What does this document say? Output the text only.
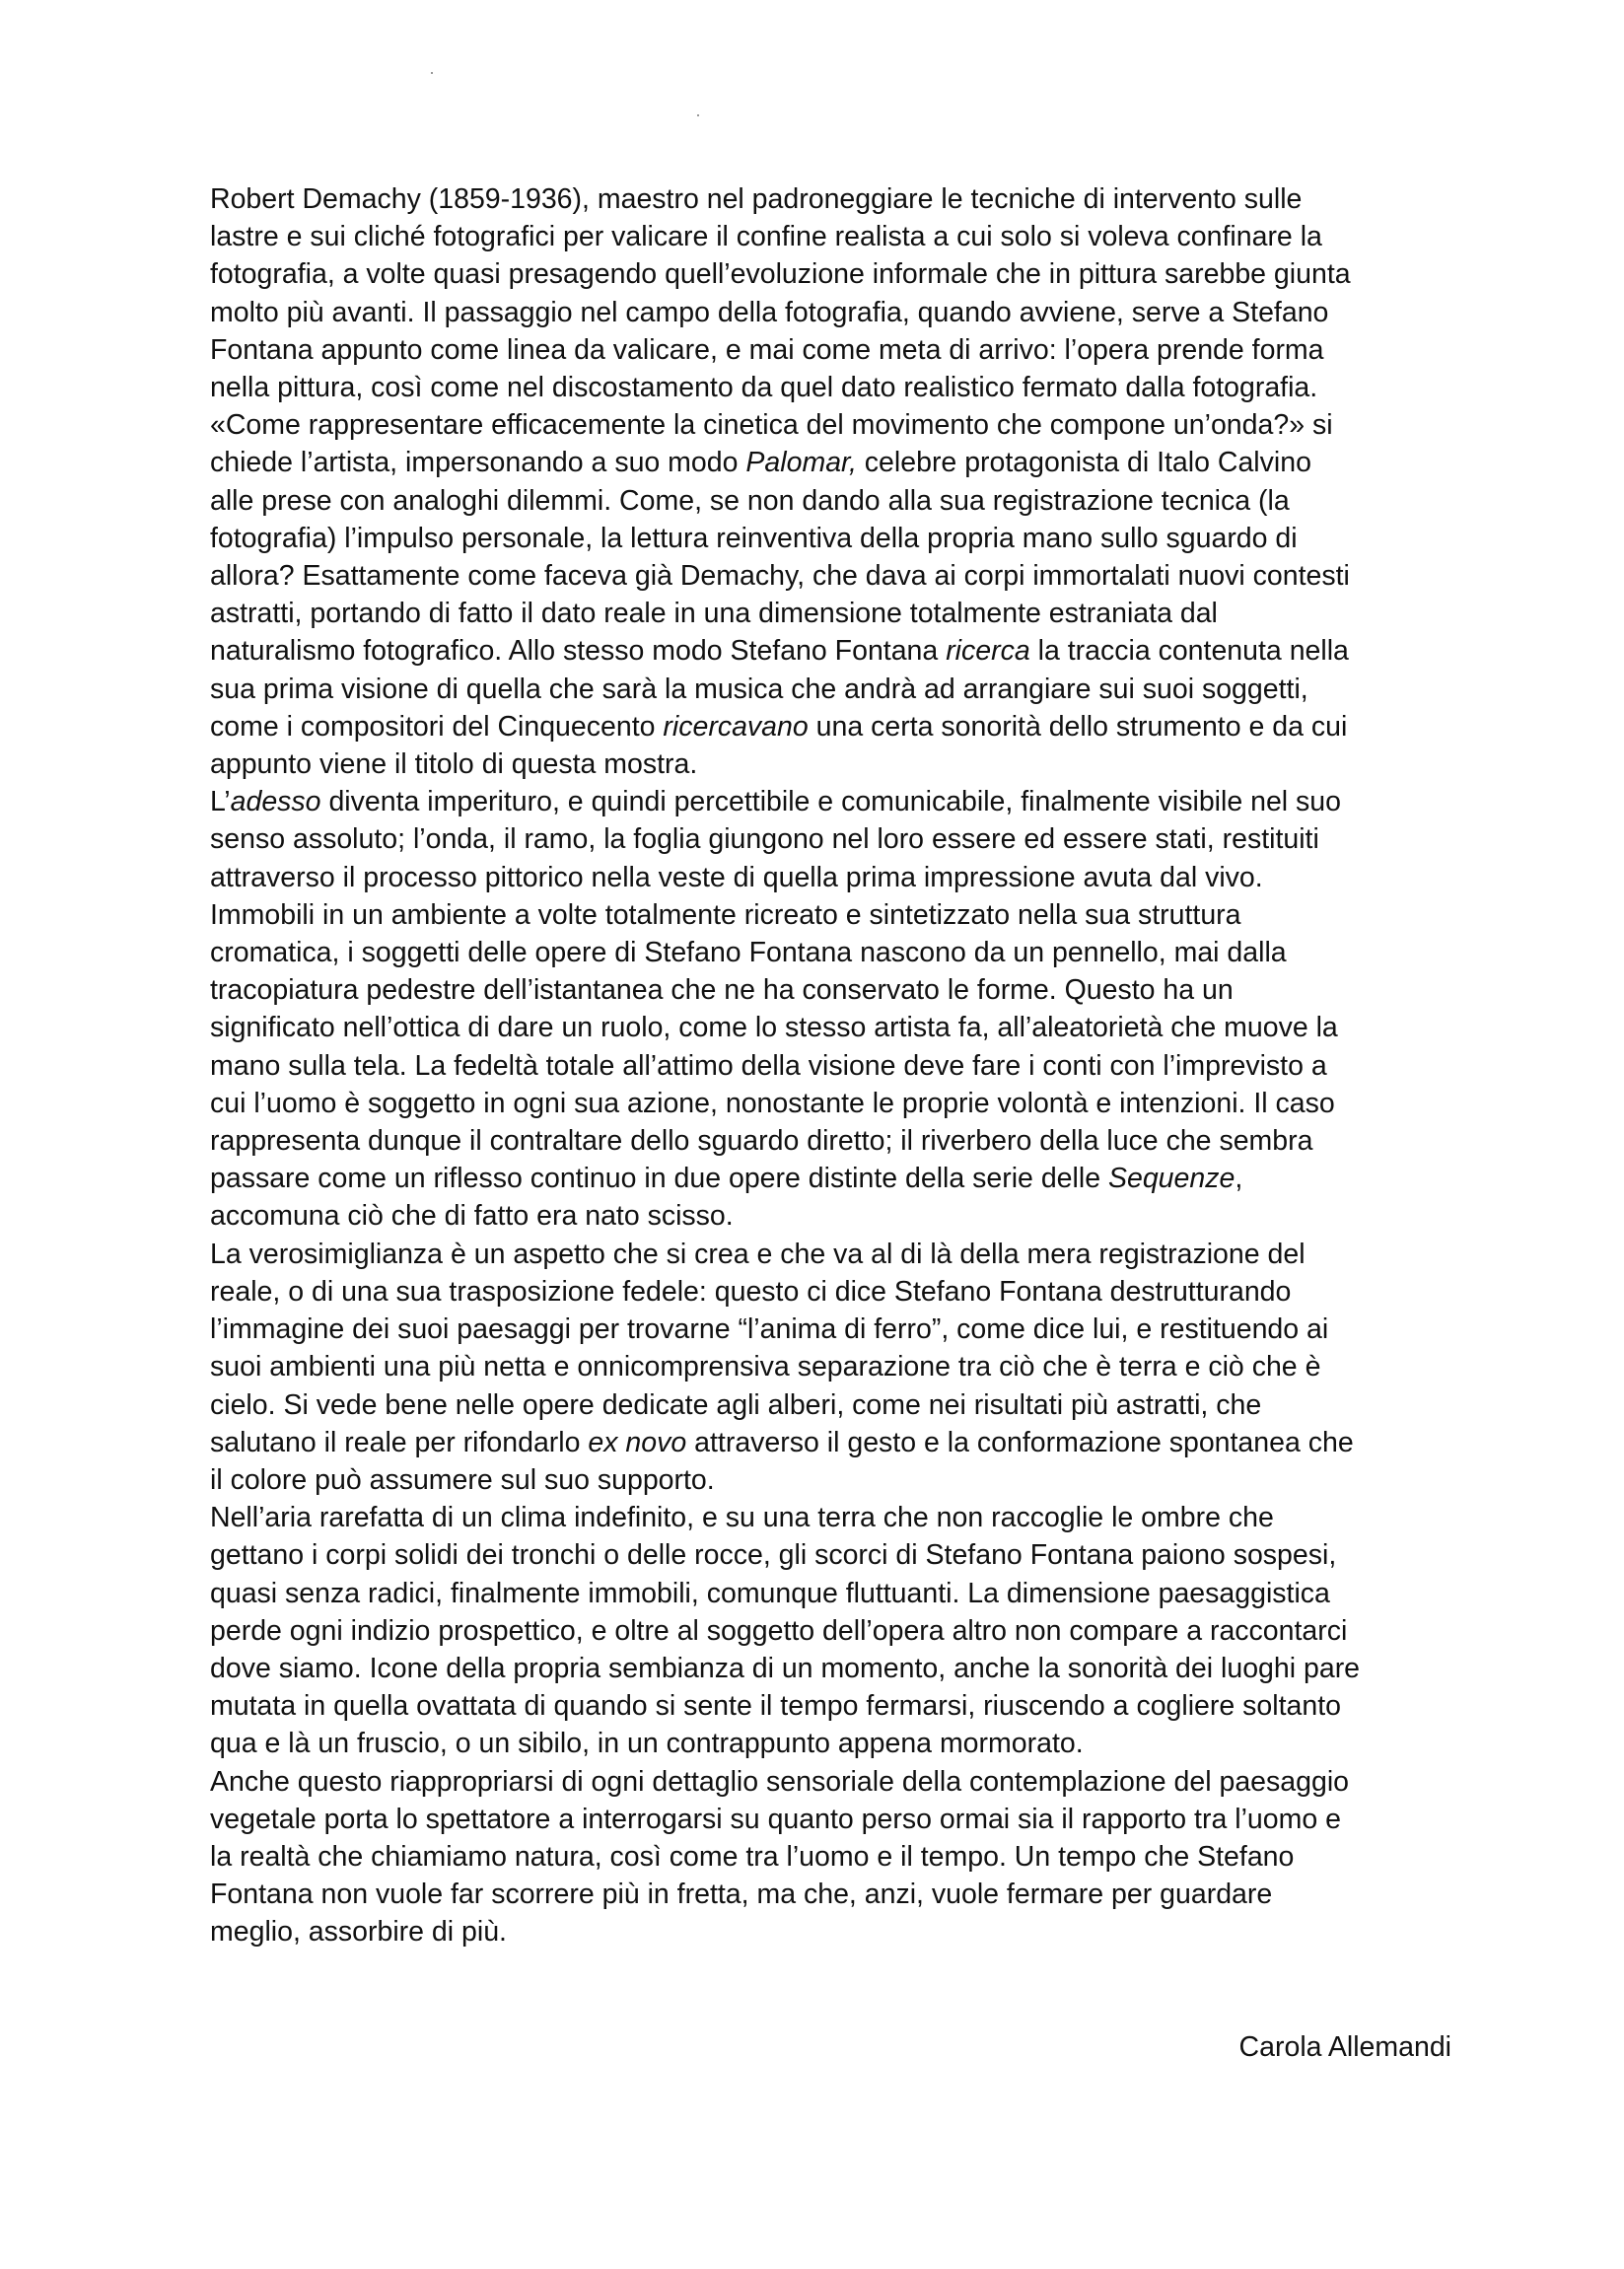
Robert Demachy (1859-1936), maestro nel padroneggiare le tecniche di intervento sulle
lastre e sui cliché fotografici per valicare il confine realista a cui solo si voleva confinare la
fotografia, a volte quasi presagendo quell’evoluzione informale che in pittura sarebbe giunta
molto più avanti. Il passaggio nel campo della fotografia, quando avviene, serve a Stefano
Fontana appunto come linea da valicare, e mai come meta di arrivo: l’opera prende forma
nella pittura, così come nel discostamento da quel dato realistico fermato dalla fotografia.
«Come rappresentare efficacemente la cinetica del movimento che compone un’onda?» si
chiede l’artista, impersonando a suo modo Palomar, celebre protagonista di Italo Calvino
alle prese con analoghi dilemmi. Come, se non dando alla sua registrazione tecnica (la
fotografia) l’impulso personale, la lettura reinventiva della propria mano sullo sguardo di
allora? Esattamente come faceva già Demachy, che dava ai corpi immortalati nuovi contesti
astratti, portando di fatto il dato reale in una dimensione totalmente estraniata dal
naturalismo fotografico. Allo stesso modo Stefano Fontana ricerca la traccia contenuta nella
sua prima visione di quella che sarà la musica che andrà ad arrangiare sui suoi soggetti,
come i compositori del Cinquecento ricercavano una certa sonorità dello strumento e da cui
appunto viene il titolo di questa mostra.
L’adesso diventa imperituro, e quindi percettibile e comunicabile, finalmente visibile nel suo
senso assoluto; l’onda, il ramo, la foglia giungono nel loro essere ed essere stati, restituiti
attraverso il processo pittorico nella veste di quella prima impressione avuta dal vivo.
Immobili in un ambiente a volte totalmente ricreato e sintetizzato nella sua struttura
cromatica, i soggetti delle opere di Stefano Fontana nascono da un pennello, mai dalla
tracopiatura pedestre dell’istantanea che ne ha conservato le forme. Questo ha un
significato nell’ottica di dare un ruolo, come lo stesso artista fa, all’aleatorietà che muove la
mano sulla tela. La fedeltà totale all’attimo della visione deve fare i conti con l’imprevisto a
cui l’uomo è soggetto in ogni sua azione, nonostante le proprie volontà e intenzioni. Il caso
rappresenta dunque il contraltare dello sguardo diretto; il riverbero della luce che sembra
passare come un riflesso continuo in due opere distinte della serie delle Sequenze,
accomuna ciò che di fatto era nato scisso.
La verosimiglianza è un aspetto che si crea e che va al di là della mera registrazione del
reale, o di una sua trasposizione fedele: questo ci dice Stefano Fontana destrutturando
l’immagine dei suoi paesaggi per trovarne “l’anima di ferro”, come dice lui, e restituendo ai
suoi ambienti una più netta e onnicomprensiva separazione tra ciò che è terra e ciò che è
cielo. Si vede bene nelle opere dedicate agli alberi, come nei risultati più astratti, che
salutano il reale per rifondarlo ex novo attraverso il gesto e la conformazione spontanea che
il colore può assumere sul suo supporto.
Nell’aria rarefatta di un clima indefinito, e su una terra che non raccoglie le ombre che
gettano i corpi solidi dei tronchi o delle rocce, gli scorci di Stefano Fontana paiono sospesi,
quasi senza radici, finalmente immobili, comunque fluttuanti. La dimensione paesaggistica
perde ogni indizio prospettico, e oltre al soggetto dell’opera altro non compare a raccontarci
dove siamo. Icone della propria sembianza di un momento, anche la sonorità dei luoghi pare
mutata in quella ovattata di quando si sente il tempo fermarsi, riuscendo a cogliere soltanto
qua e là un fruscio, o un sibilo, in un contrappunto appena mormorato.
Anche questo riappropriarsi di ogni dettaglio sensoriale della contemplazione del paesaggio
vegetale porta lo spettatore a interrogarsi su quanto perso ormai sia il rapporto tra l’uomo e
la realtà che chiamiamo natura, così come tra l’uomo e il tempo. Un tempo che Stefano
Fontana non vuole far scorrere più in fretta, ma che, anzi, vuole fermare per guardare
meglio, assorbire di più.
Carola Allemandi
